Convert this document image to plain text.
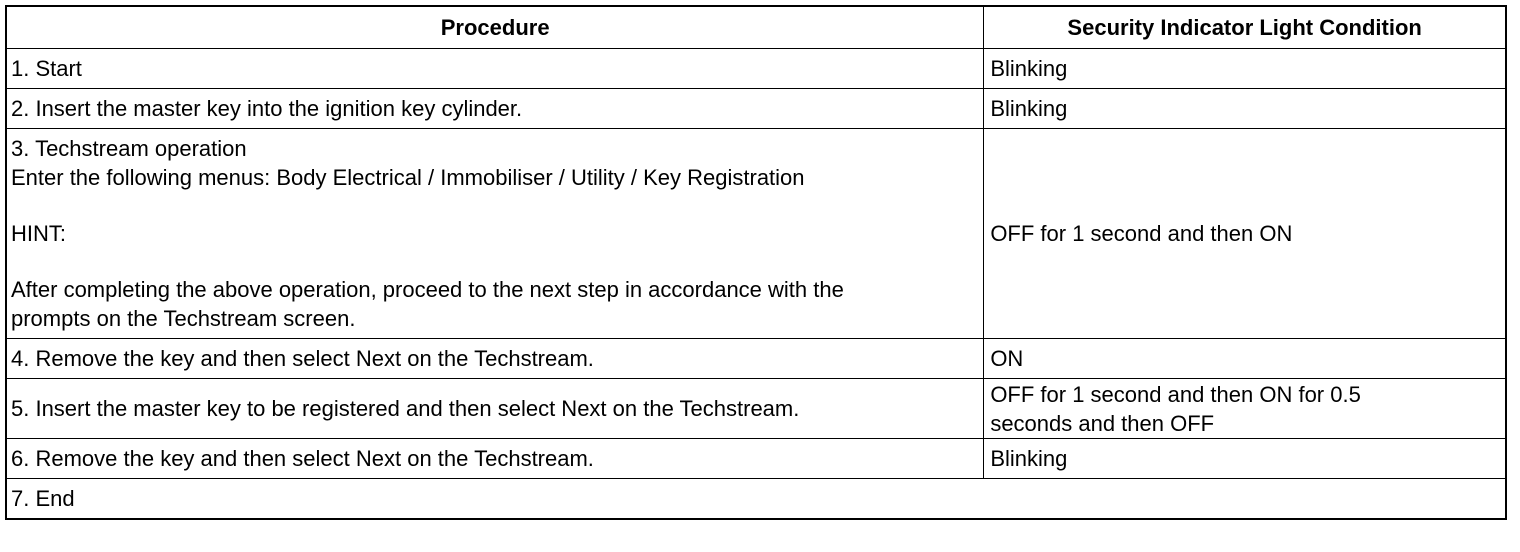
Procedure	Security Indicator Light Condition
1. Start	Blinking
2. Insert the master key into the ignition key cylinder.	Blinking

3. Techstream operation
Enter the following menus: Body Electrical / Immobiliser / Utility / Key Registration
HINT:
After completing the above operation, proceed to the next step in accordance with the
prompts on the Techstream screen.	OFF for 1 second and then ON
4. Remove the key and then select Next on the Techstream.	ON
5. Insert the master key to be registered and then select Next on the Techstream.	OFF for 1 second and then ON for 0.5
seconds and then OFF

6. Remove the key and then select Next on the Techstream.	Blinking
7. End	
